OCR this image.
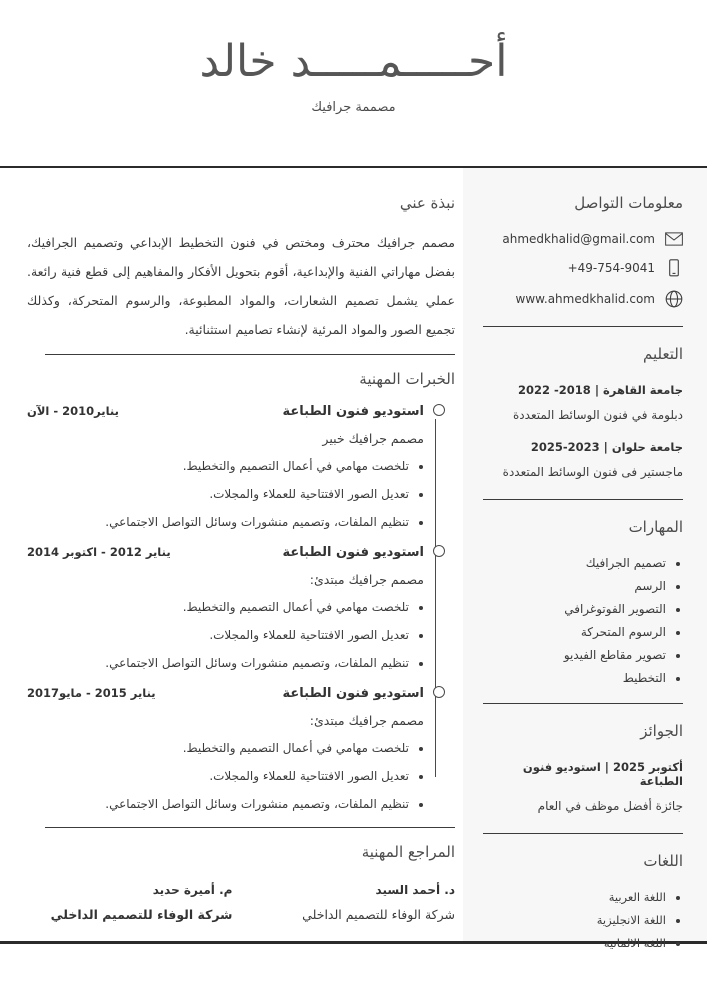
أحـــــمـــــد خالد
مصممة جرافيك
معلومات التواصل
ahmedkhalid@gmail.com
+49-754-9041
www.ahmedkhalid.com
التعليم
جامعة القاهرة | 2018- 2022
دبلومة في فنون الوسائط المتعددة
جامعة حلوان | 2023-2025
ماجستير فى فنون الوسائط المتعددة
المهارات
• تصميم الجرافيك
• الرسم
• التصوير الفوتوغرافي
• الرسوم المتحركة
• تصوير مقاطع الفيديو
• التخطيط
الجوائز
أكتوبر 2025 | استوديو فنون الطباعة
جائزة أفضل موظف في العام
اللغات
• اللغة العربية
• اللغة الانجليزية
• اللغة الالمانية
نبذة عني

مصمم جرافيك محترف ومختص في فنون التخطيط الإبداعي وتصميم الجرافيك، بفضل مهاراتي الفنية والإبداعية، أقوم بتحويل الأفكار والمفاهيم إلى قطع فنية رائعة. عملي يشمل تصميم الشعارات، والمواد المطبوعة، والرسوم المتحركة، وكذلك تجميع الصور والمواد المرئية لإنشاء تصاميم استثنائية.

الخبرات المهنية
استوديو فنون الطباعة
يناير2010 - الآن
مصمم جرافيك خبير
• تلخصت مهامي في أعمال التصميم والتخطيط.
• تعديل الصور الافتتاحية للعملاء والمجلات.
• تنظيم الملفات، وتصميم منشورات وسائل التواصل الاجتماعي.
استوديو فنون الطباعة
يناير 2012 - اكتوبر 2014
مصمم جرافيك مبتدئ:
• تلخصت مهامي في أعمال التصميم والتخطيط.
• تعديل الصور الافتتاحية للعملاء والمجلات.
• تنظيم الملفات، وتصميم منشورات وسائل التواصل الاجتماعي.
استوديو فنون الطباعة
يناير 2015 - مايو2017
مصمم جرافيك مبتدئ:
• تلخصت مهامي في أعمال التصميم والتخطيط.
• تعديل الصور الافتتاحية للعملاء والمجلات.
• تنظيم الملفات، وتصميم منشورات وسائل التواصل الاجتماعي.
المراجع المهنية
د. أحمد السيد
شركة الوفاء للتصميم الداخلي
م. أميرة حديد
شركة الوفاء للتصميم الداخلي
